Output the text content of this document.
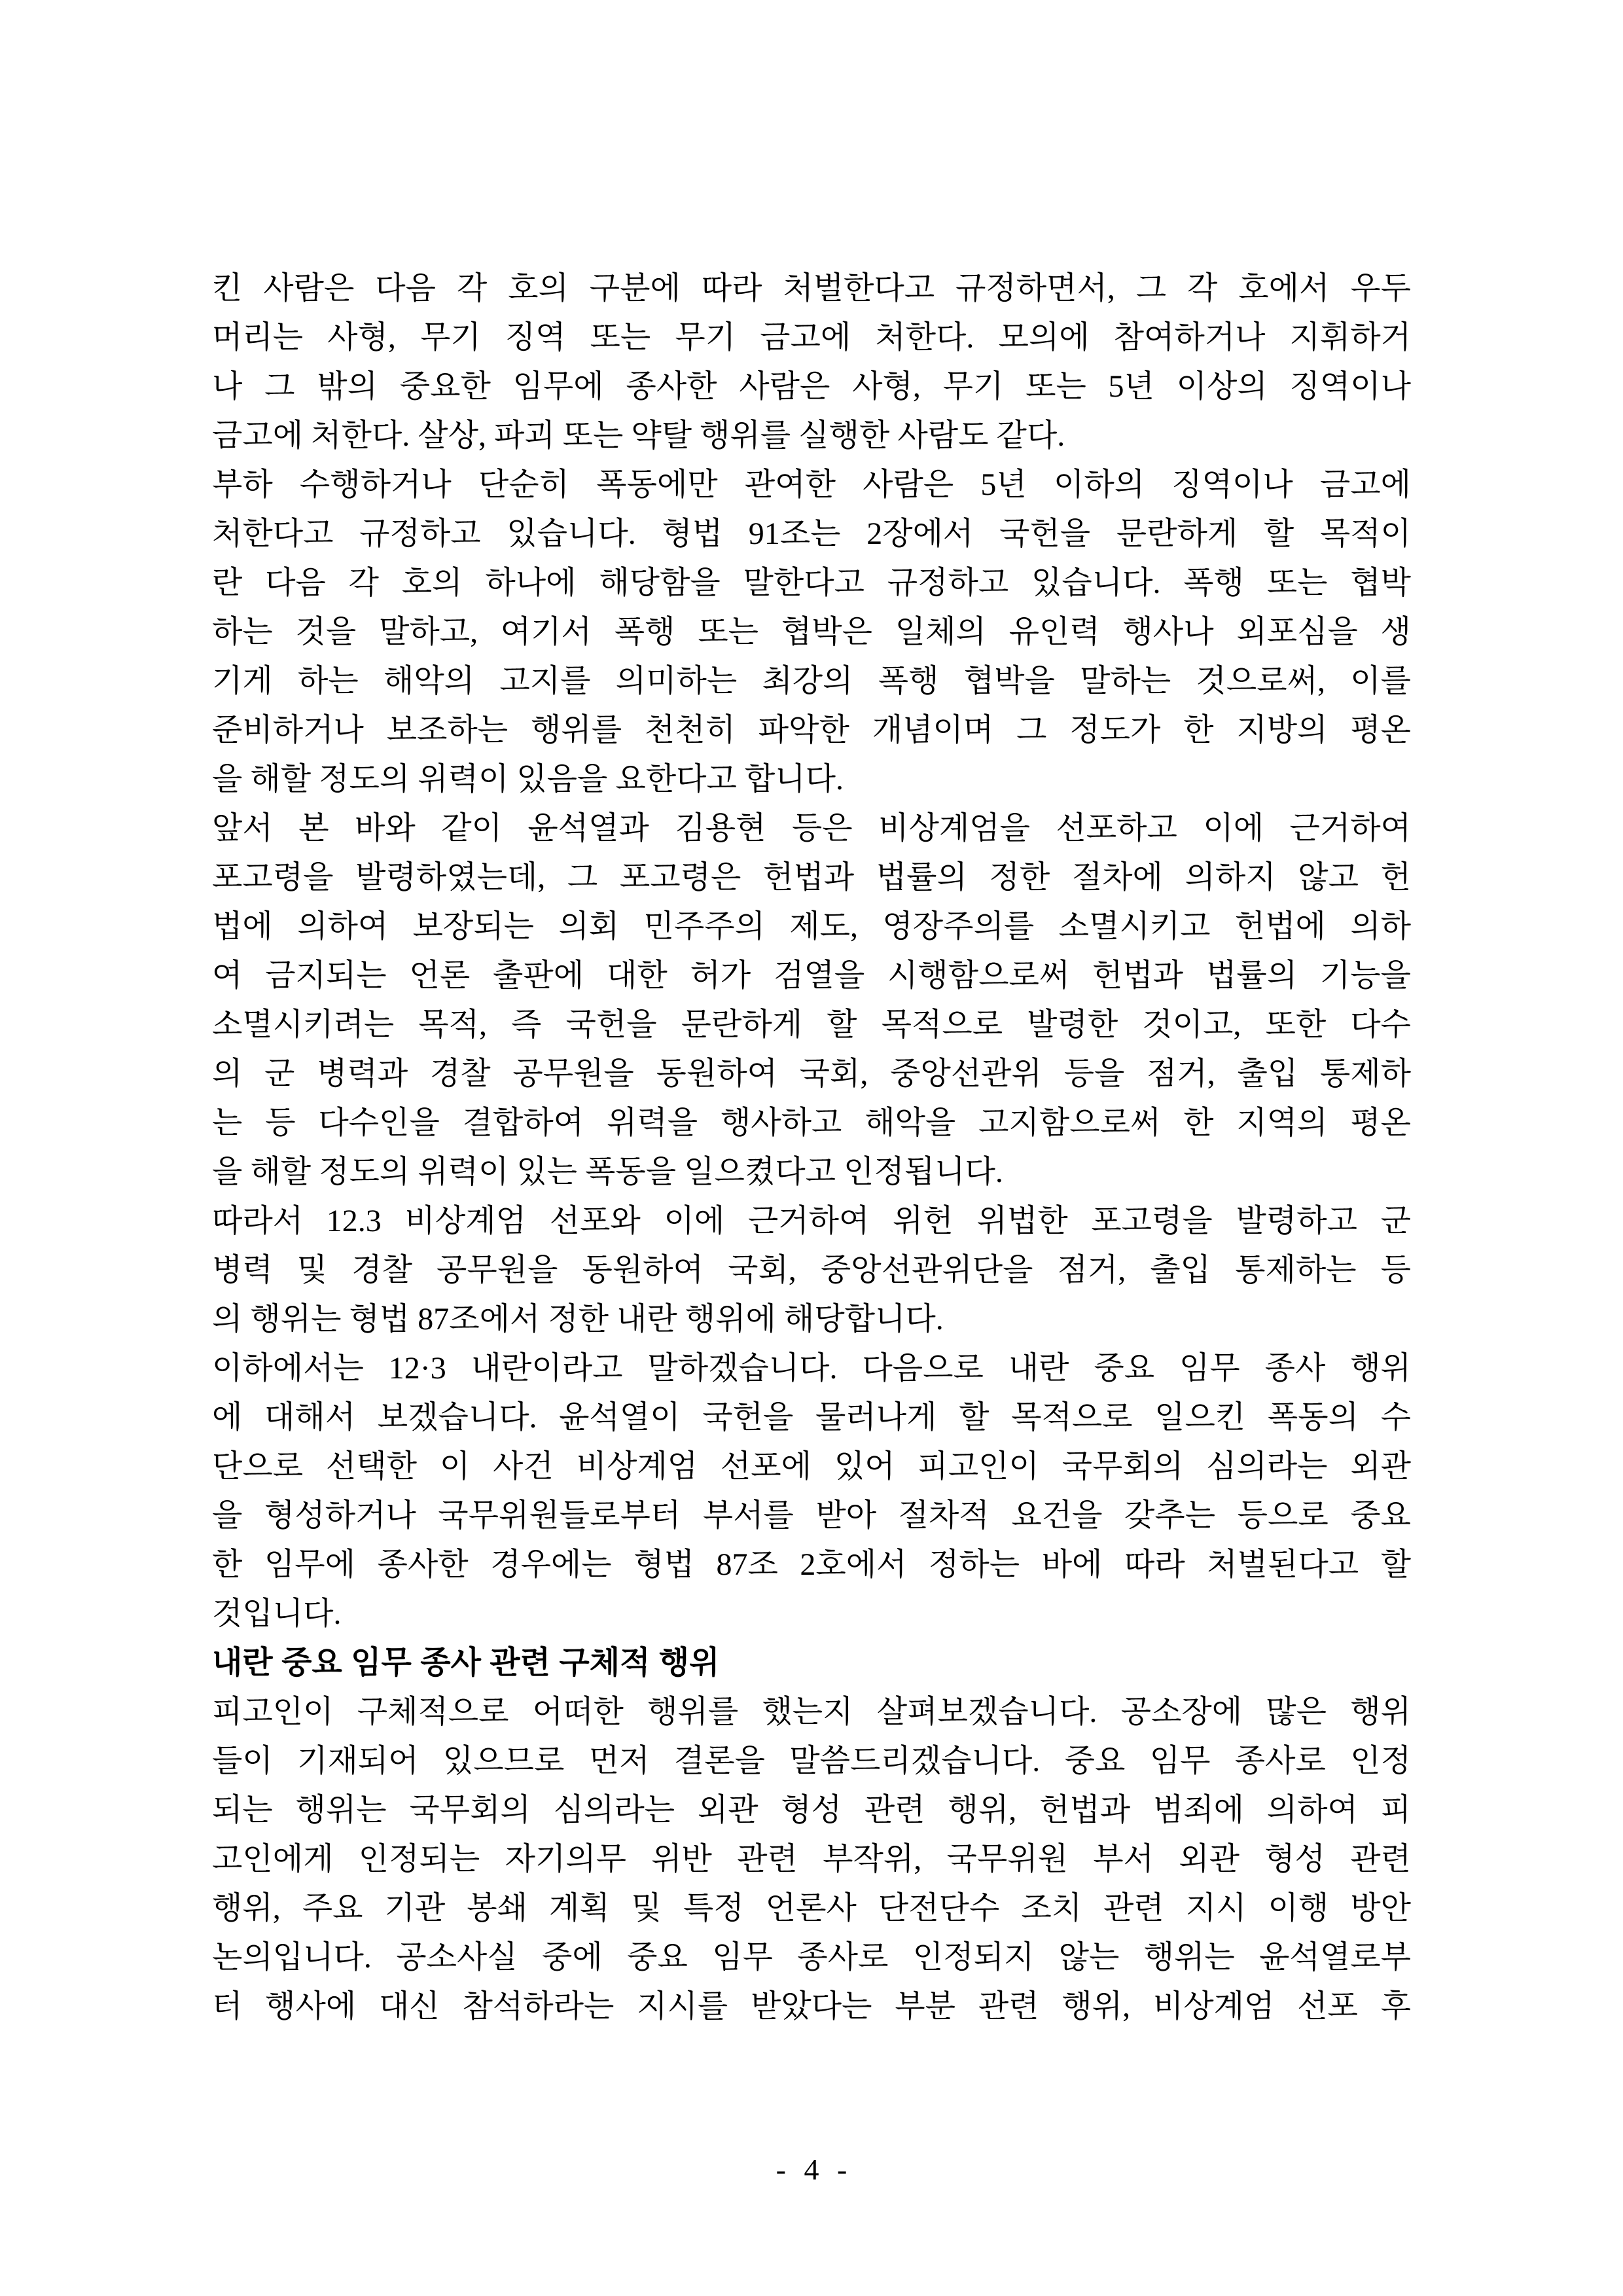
킨 사람은 다음 각 호의 구분에 따라 처벌한다고 규정하면서, 그 각 호에서 우두
머리는 사형, 무기 징역 또는 무기 금고에 처한다. 모의에 참여하거나 지휘하거
나 그 밖의 중요한 임무에 종사한 사람은 사형, 무기 또는 5년 이상의 징역이나
금고에 처한다. 살상, 파괴 또는 약탈 행위를 실행한 사람도 같다.
부하 수행하거나 단순히 폭동에만 관여한 사람은 5년 이하의 징역이나 금고에
처한다고 규정하고 있습니다. 형법 91조는 2장에서 국헌을 문란하게 할 목적이
란 다음 각 호의 하나에 해당함을 말한다고 규정하고 있습니다. 폭행 또는 협박
하는 것을 말하고, 여기서 폭행 또는 협박은 일체의 유인력 행사나 외포심을 생
기게 하는 해악의 고지를 의미하는 최강의 폭행 협박을 말하는 것으로써, 이를
준비하거나 보조하는 행위를 천천히 파악한 개념이며 그 정도가 한 지방의 평온
을 해할 정도의 위력이 있음을 요한다고 합니다.
앞서 본 바와 같이 윤석열과 김용현 등은 비상계엄을 선포하고 이에 근거하여
포고령을 발령하였는데, 그 포고령은 헌법과 법률의 정한 절차에 의하지 않고 헌
법에 의하여 보장되는 의회 민주주의 제도, 영장주의를 소멸시키고 헌법에 의하
여 금지되는 언론 출판에 대한 허가 검열을 시행함으로써 헌법과 법률의 기능을
소멸시키려는 목적, 즉 국헌을 문란하게 할 목적으로 발령한 것이고, 또한 다수
의 군 병력과 경찰 공무원을 동원하여 국회, 중앙선관위 등을 점거, 출입 통제하
는 등 다수인을 결합하여 위력을 행사하고 해악을 고지함으로써 한 지역의 평온
을 해할 정도의 위력이 있는 폭동을 일으켰다고 인정됩니다.
따라서 12.3 비상계엄 선포와 이에 근거하여 위헌 위법한 포고령을 발령하고 군
병력 및 경찰 공무원을 동원하여 국회, 중앙선관위단을 점거, 출입 통제하는 등
의 행위는 형법 87조에서 정한 내란 행위에 해당합니다.
이하에서는 12·3 내란이라고 말하겠습니다. 다음으로 내란 중요 임무 종사 행위
에 대해서 보겠습니다. 윤석열이 국헌을 물러나게 할 목적으로 일으킨 폭동의 수
단으로 선택한 이 사건 비상계엄 선포에 있어 피고인이 국무회의 심의라는 외관
을 형성하거나 국무위원들로부터 부서를 받아 절차적 요건을 갖추는 등으로 중요
한 임무에 종사한 경우에는 형법 87조 2호에서 정하는 바에 따라 처벌된다고 할
것입니다.
내란 중요 임무 종사 관련 구체적 행위
피고인이 구체적으로 어떠한 행위를 했는지 살펴보겠습니다. 공소장에 많은 행위
들이 기재되어 있으므로 먼저 결론을 말씀드리겠습니다. 중요 임무 종사로 인정
되는 행위는 국무회의 심의라는 외관 형성 관련 행위, 헌법과 범죄에 의하여 피
고인에게 인정되는 자기의무 위반 관련 부작위, 국무위원 부서 외관 형성 관련
행위, 주요 기관 봉쇄 계획 및 특정 언론사 단전단수 조치 관련 지시 이행 방안
논의입니다. 공소사실 중에 중요 임무 종사로 인정되지 않는 행위는 윤석열로부
터 행사에 대신 참석하라는 지시를 받았다는 부분 관련 행위, 비상계엄 선포 후
- 4 -
